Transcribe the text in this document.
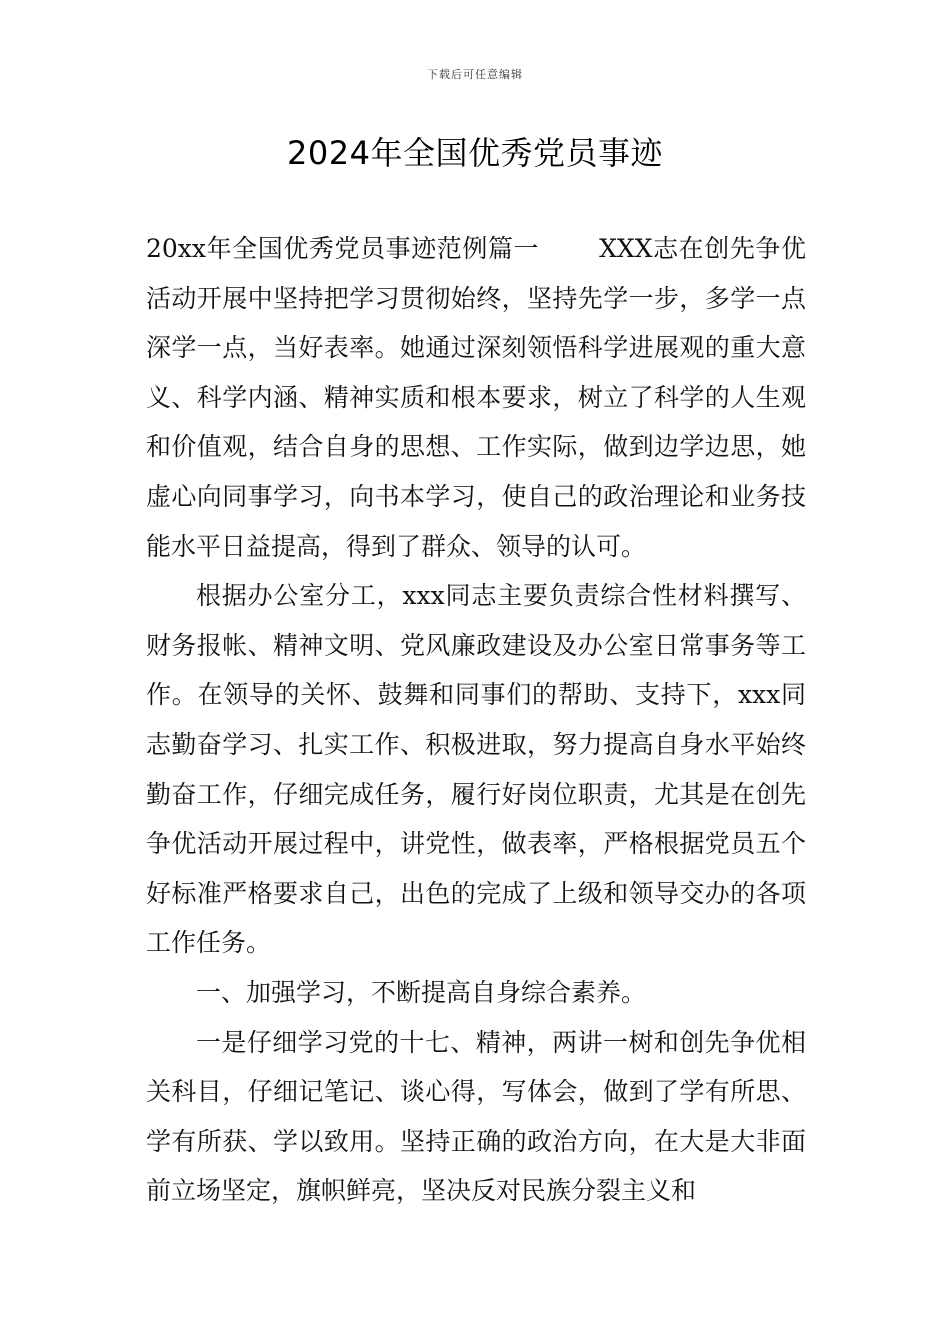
下载后可任意编辑
2024年全国优秀党员事迹

20xx年全国优秀党员事迹范例篇一 XXX志在创先争优活动开展中坚持把学习贯彻始终，坚持先学一步，多学一点深学一点，当好表率。她通过深刻领悟科学进展观的重大意义、科学内涵、精神实质和根本要求，树立了科学的人生观和价值观，结合自身的思想、工作实际，做到边学边思，她虚心向同事学习，向书本学习，使自己的政治理论和业务技能水平日益提高，得到了群众、领导的认可。

根据办公室分工，xxx同志主要负责综合性材料撰写、财务报帐、精神文明、党风廉政建设及办公室日常事务等工作。在领导的关怀、鼓舞和同事们的帮助、支持下，xxx同志勤奋学习、扎实工作、积极进取，努力提高自身水平始终勤奋工作，仔细完成任务，履行好岗位职责，尤其是在创先争优活动开展过程中，讲党性，做表率，严格根据党员五个好标准严格要求自己，出色的完成了上级和领导交办的各项工作任务。

一、加强学习，不断提高自身综合素养。

一是仔细学习党的十七、精神，两讲一树和创先争优相关科目，仔细记笔记、谈心得，写体会，做到了学有所思、学有所获、学以致用。坚持正确的政治方向，在大是大非面前立场坚定，旗帜鲜亮，坚决反对民族分裂主义和
